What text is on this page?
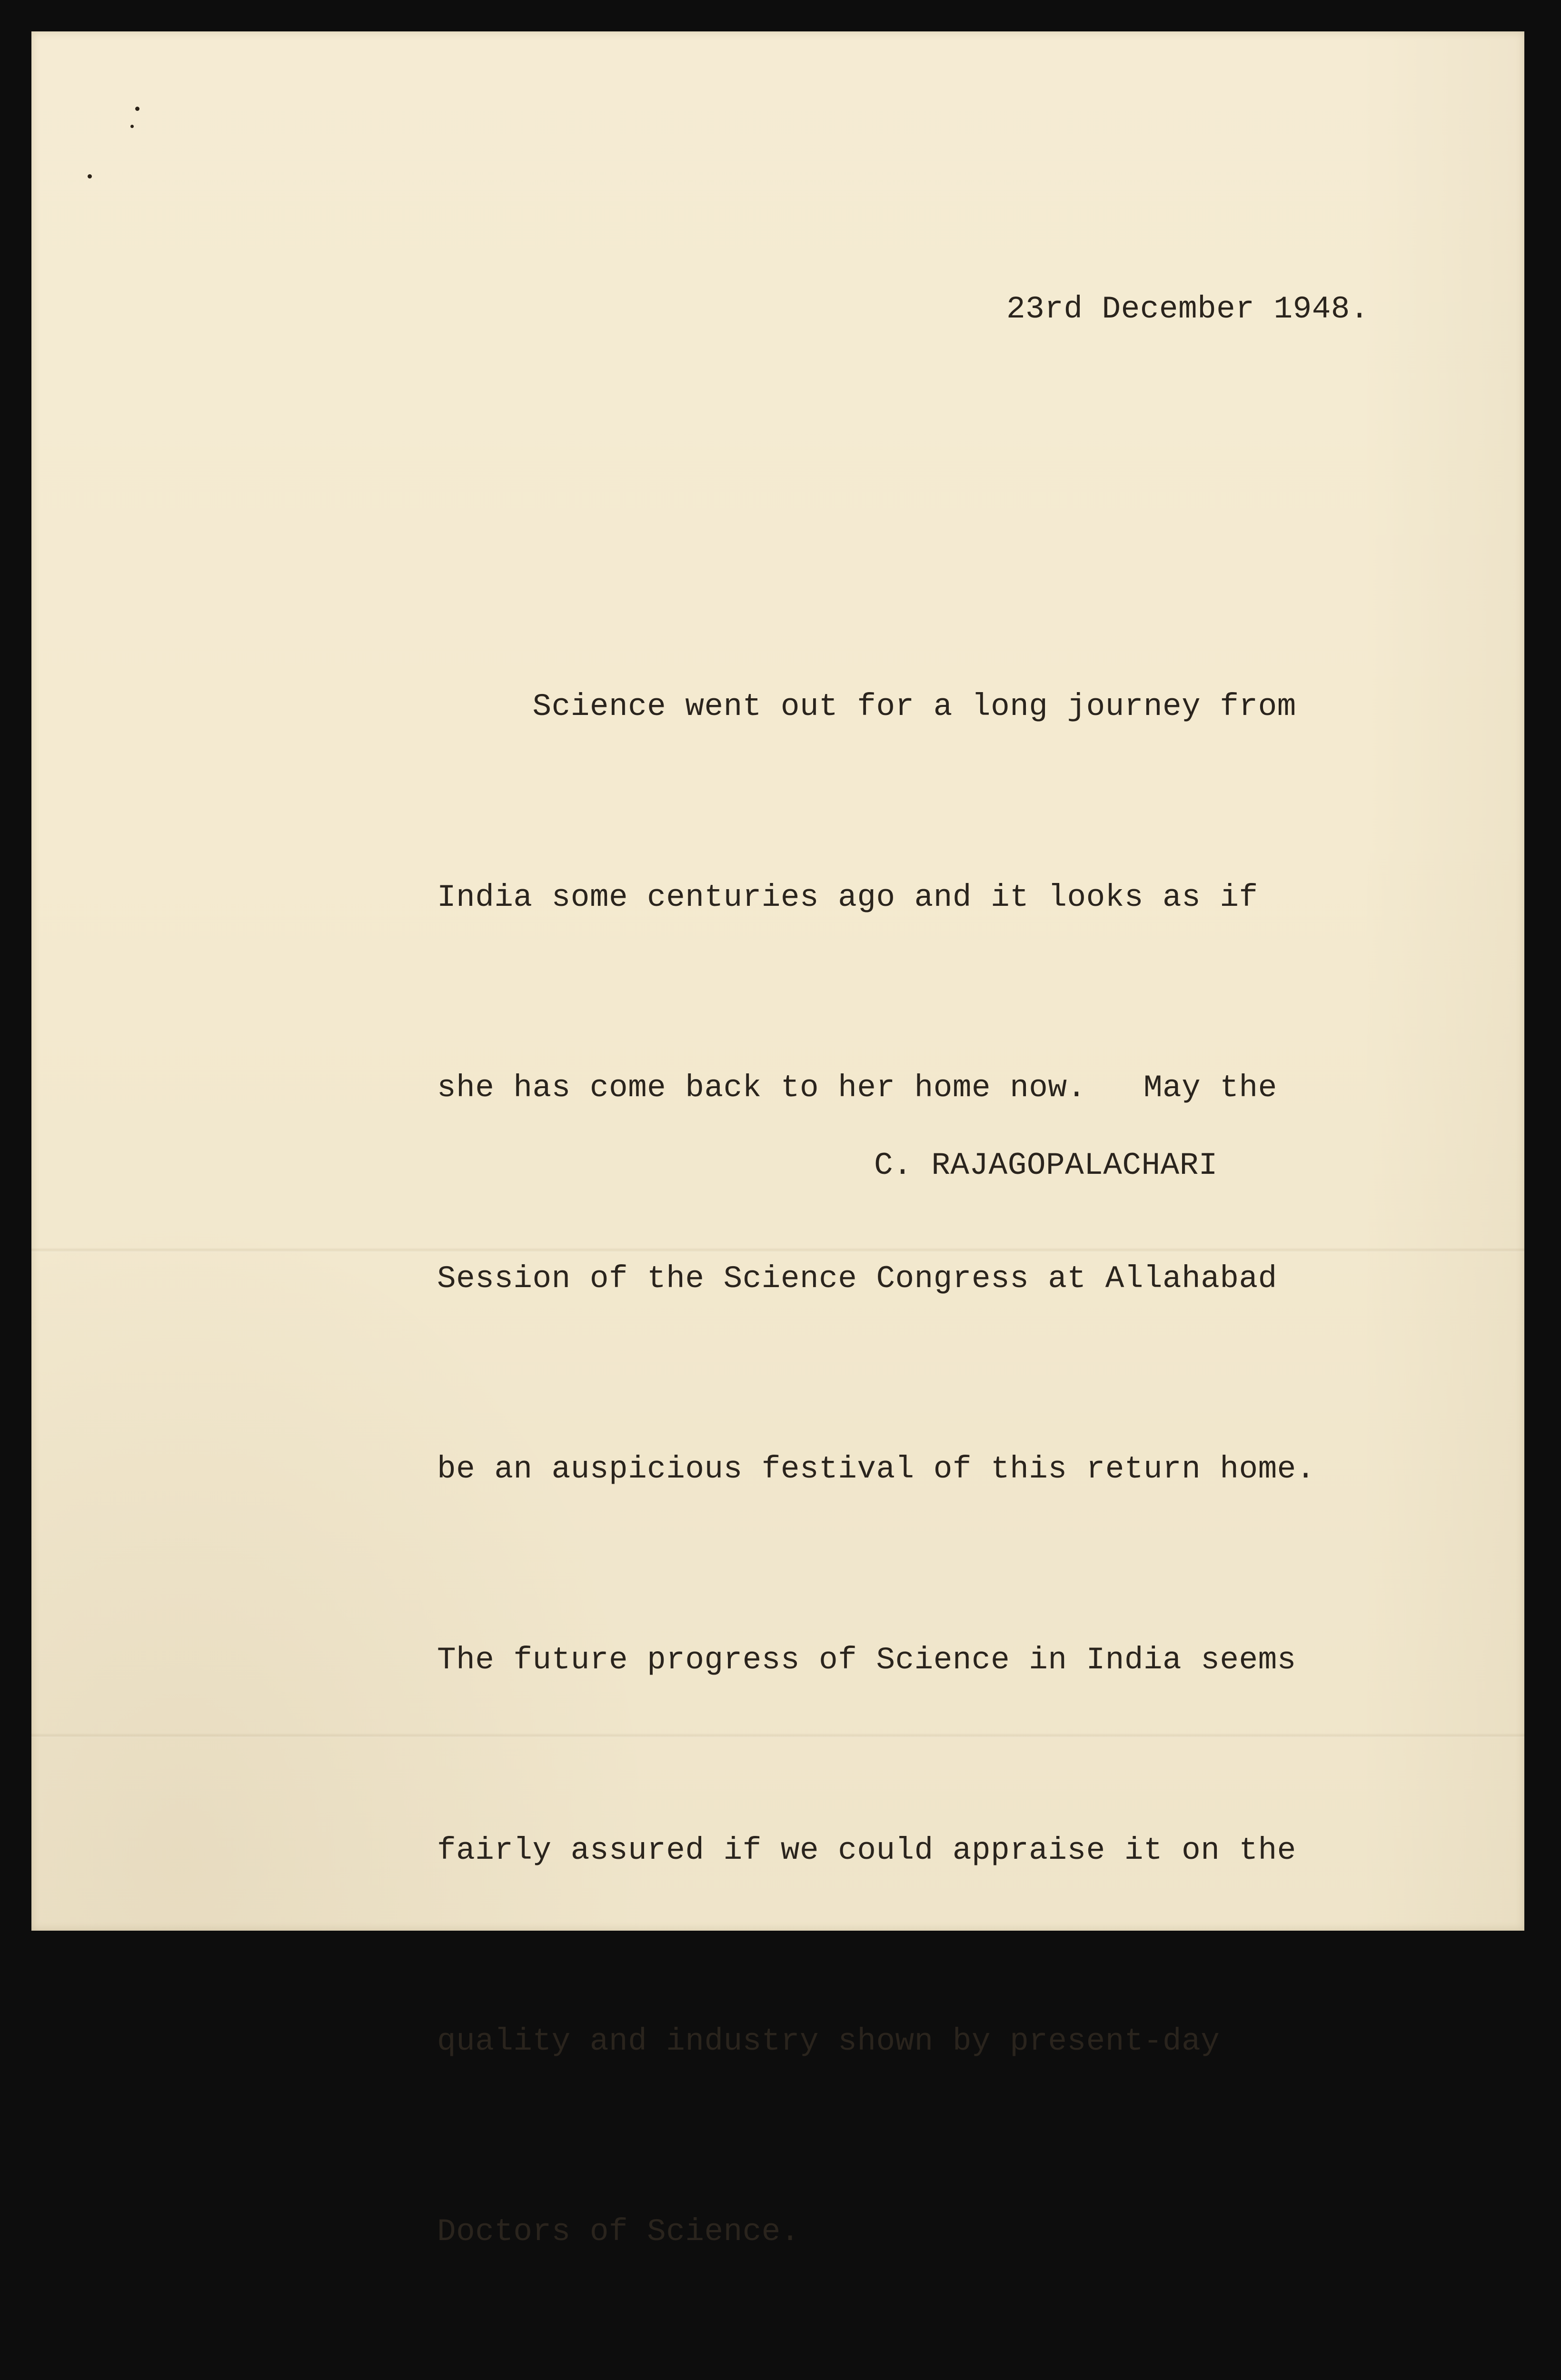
23rd December 1948.

Science went out for a long journey from

India some centuries ago and it looks as if

she has come back to her home now.   May the

Session of the Science Congress at Allahabad

be an auspicious festival of this return home.

The future progress of Science in India seems

fairly assured if we could appraise it on the

quality and industry shown by present-day

Doctors of Science.

C. RAJAGOPALACHARI
